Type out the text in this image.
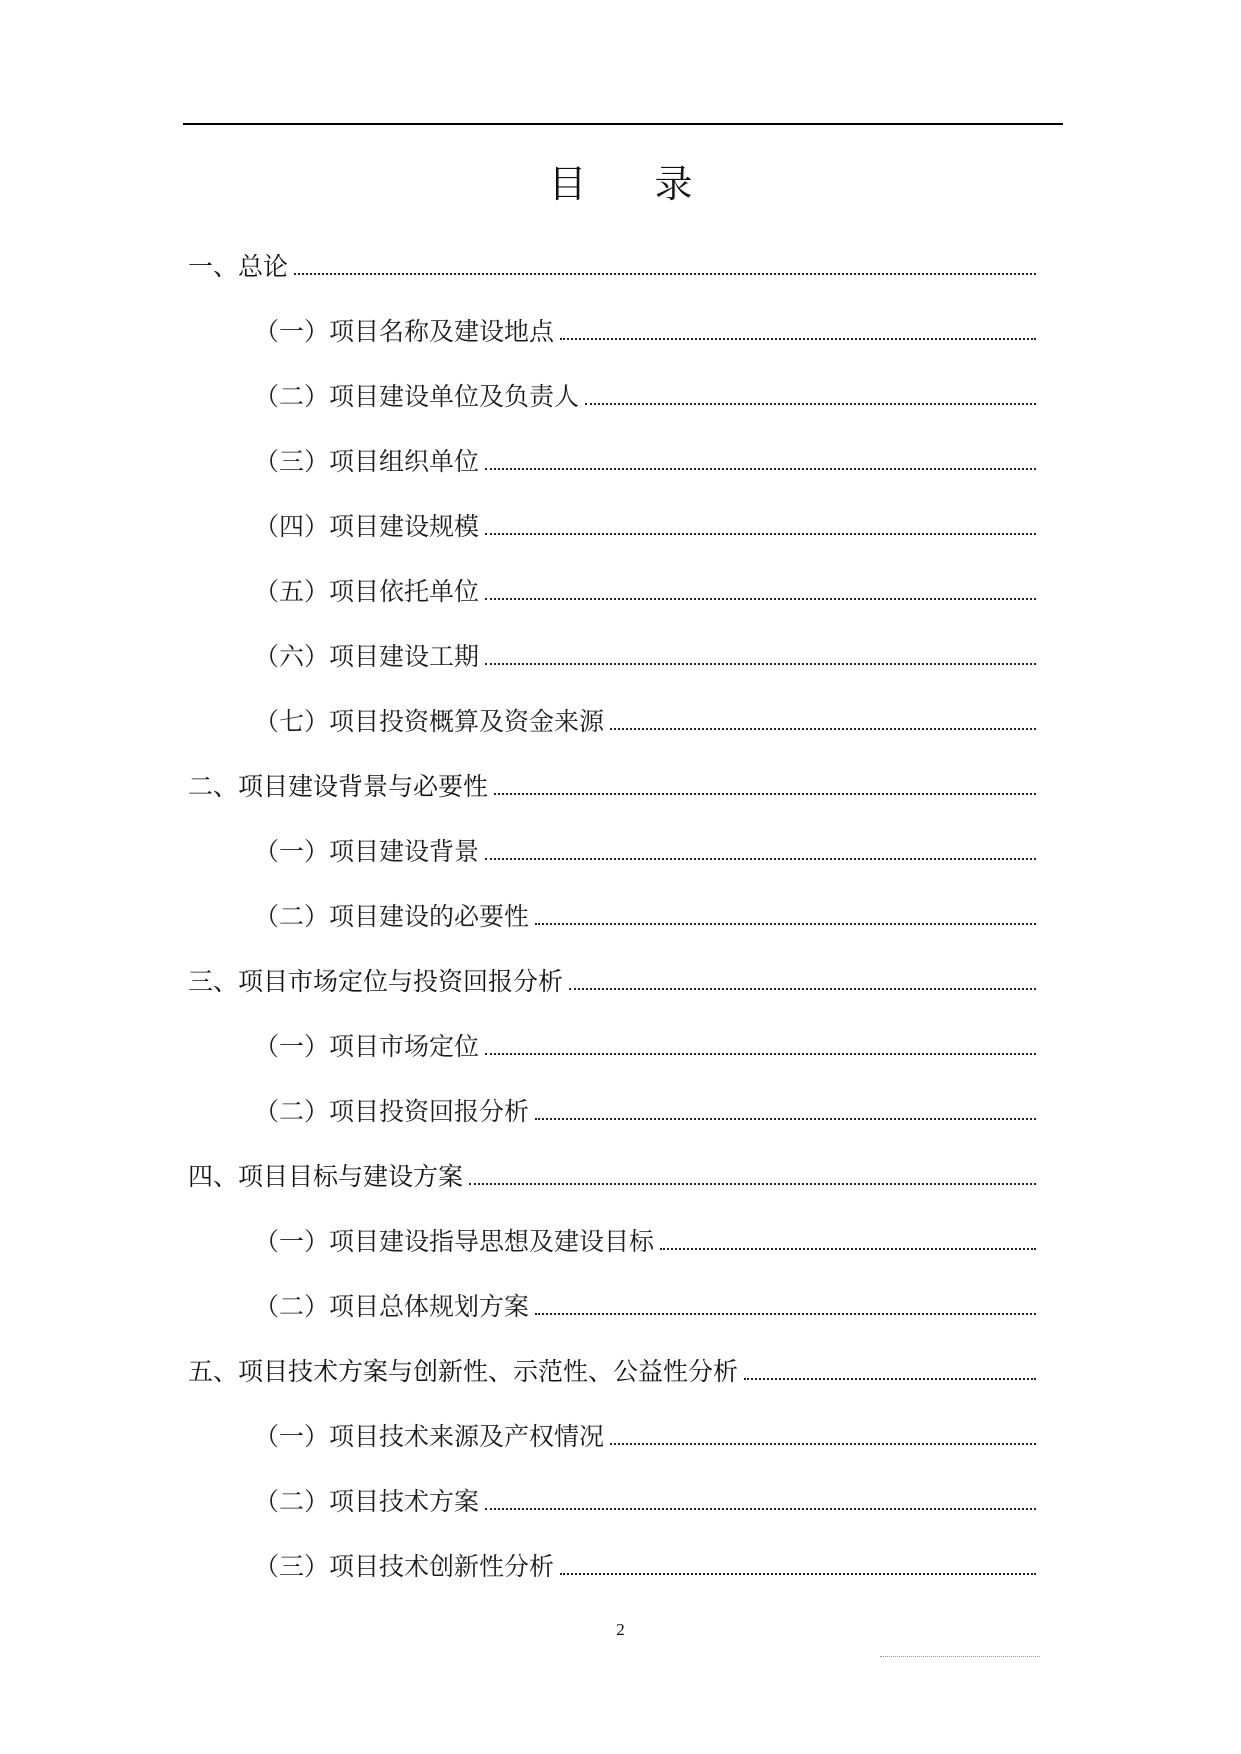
目 录
一、总论
（一）项目名称及建设地点
（二）项目建设单位及负责人
（三）项目组织单位
（四）项目建设规模
（五）项目依托单位
（六）项目建设工期
（七）项目投资概算及资金来源
二、项目建设背景与必要性
（一）项目建设背景
（二）项目建设的必要性
三、项目市场定位与投资回报分析
（一）项目市场定位
（二）项目投资回报分析
四、项目目标与建设方案
（一）项目建设指导思想及建设目标
（二）项目总体规划方案
五、项目技术方案与创新性、示范性、公益性分析
（一）项目技术来源及产权情况
（二）项目技术方案
（三）项目技术创新性分析
2
